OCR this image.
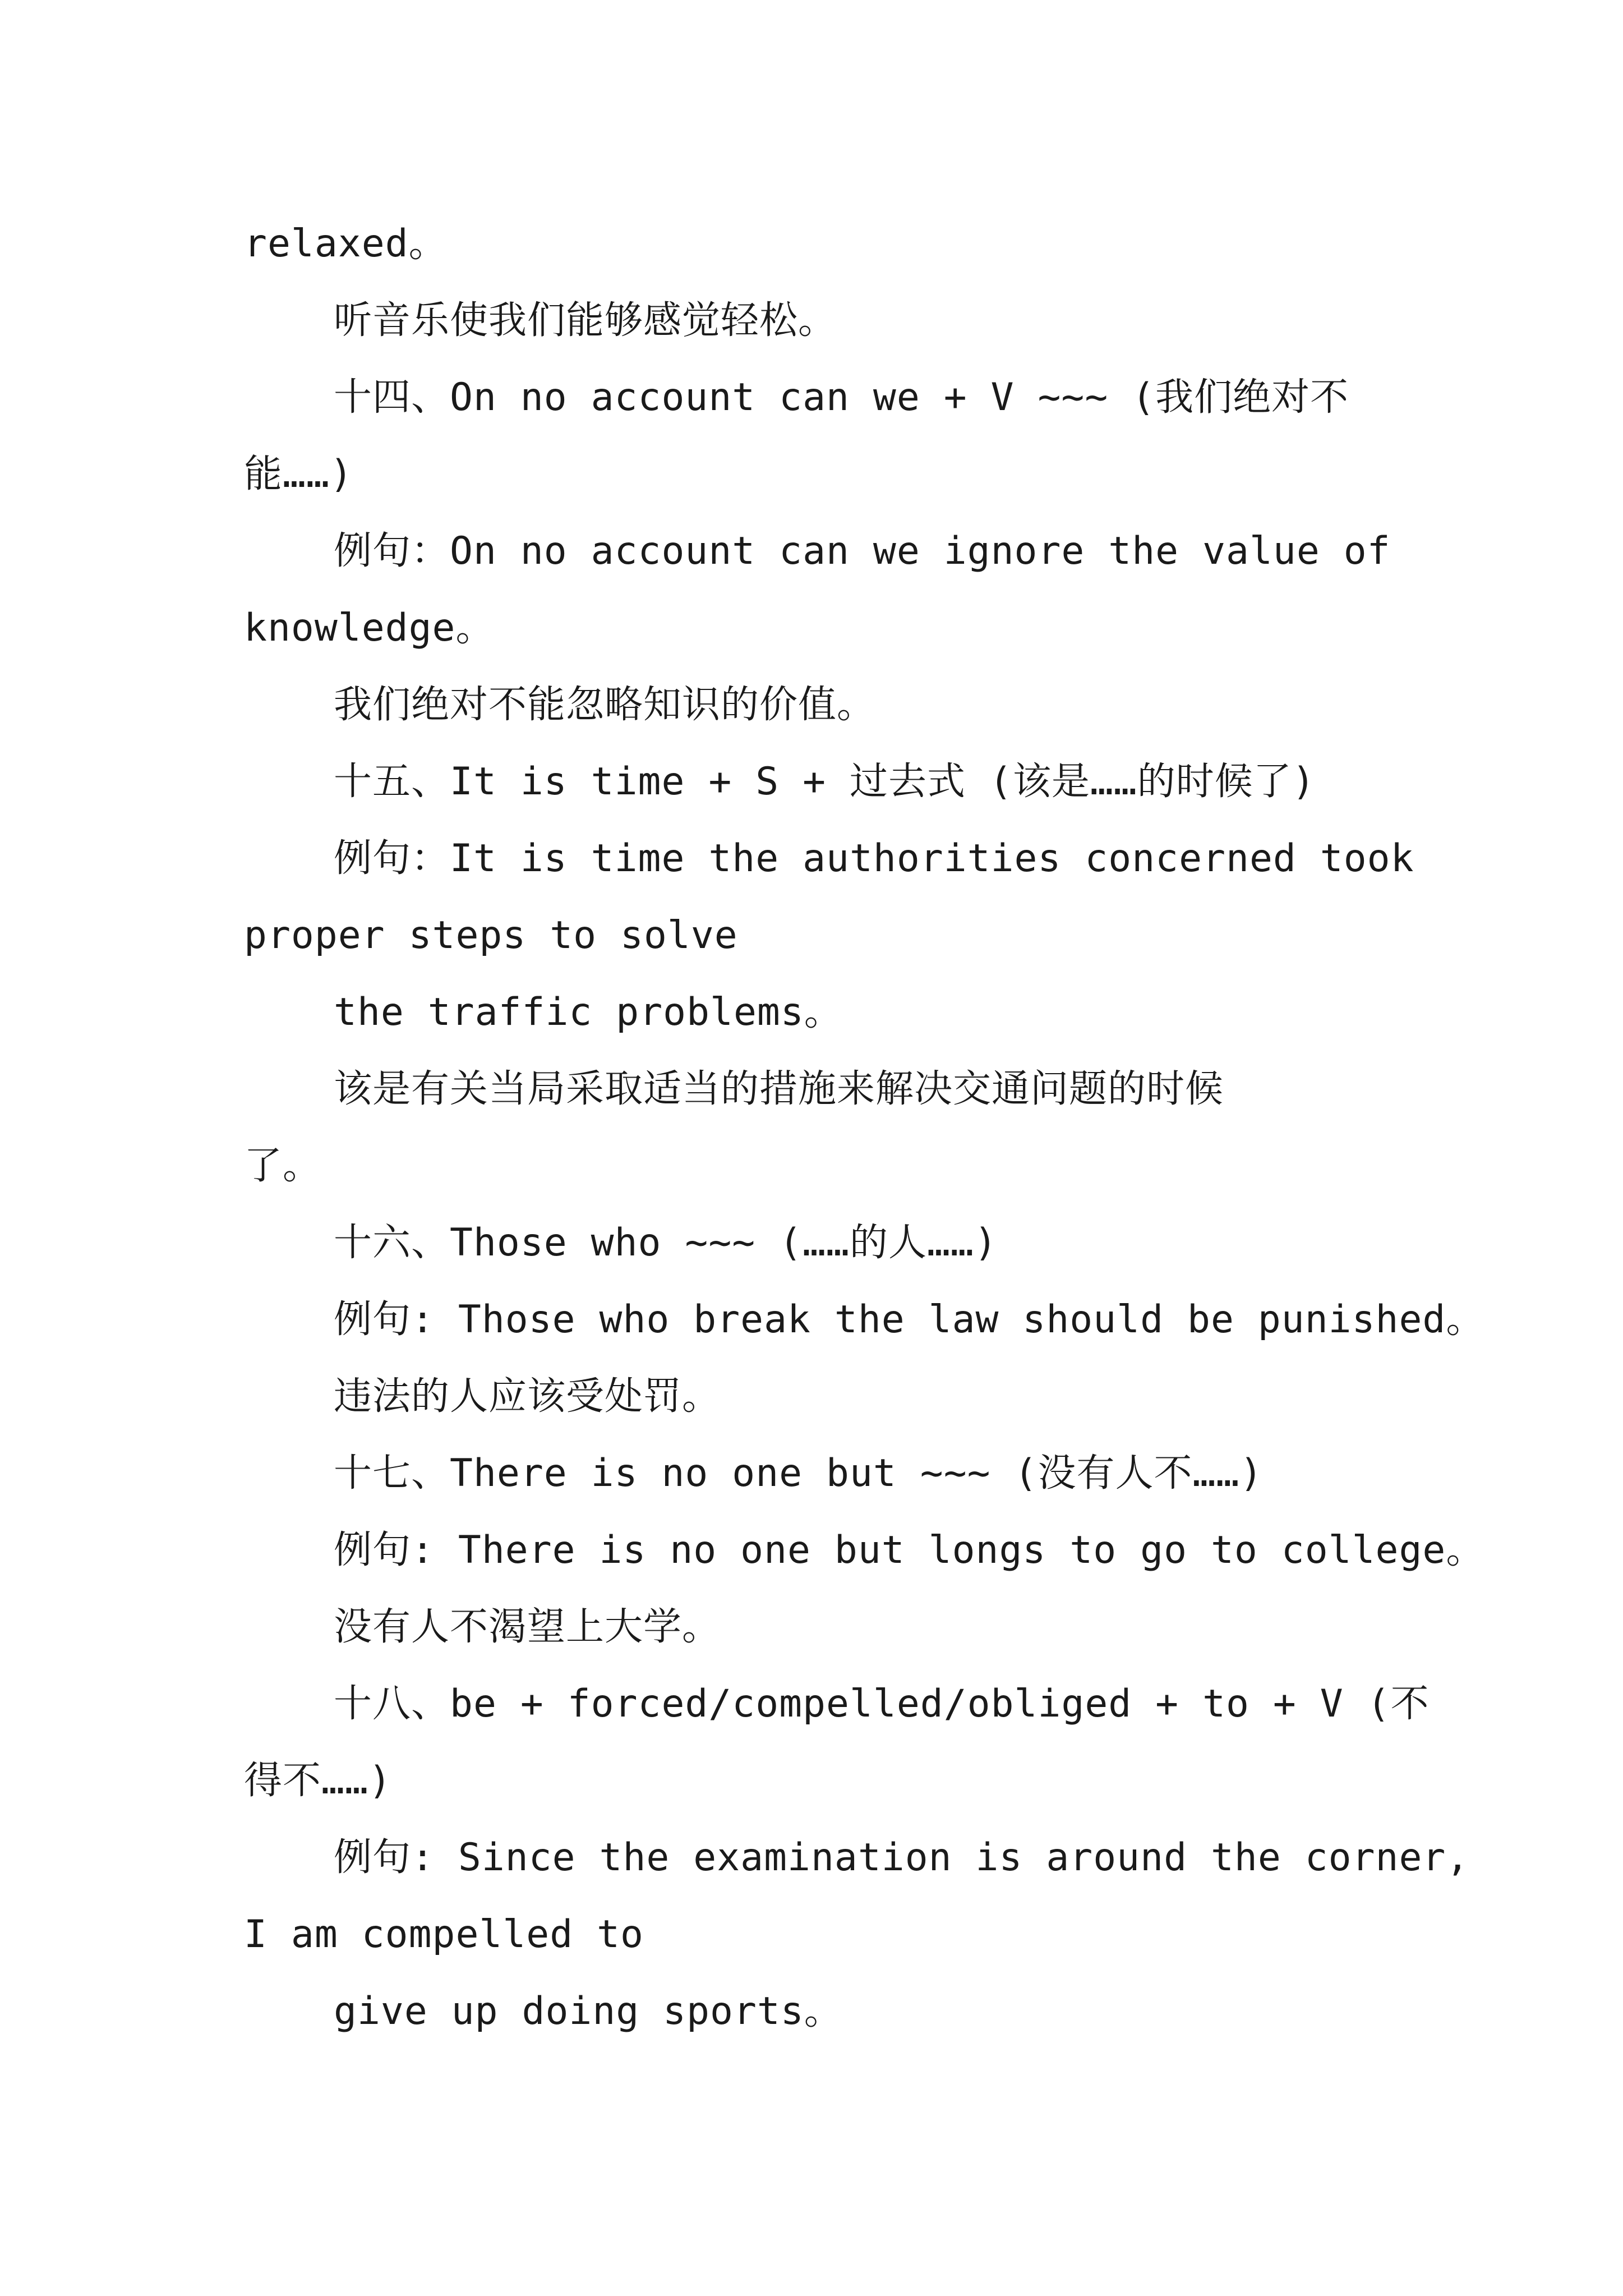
relaxed。
听音乐使我们能够感觉轻松。
十四、On no account can we + V ~~~ (我们绝对不
能……)
例句：On no account can we ignore the value of
knowledge。
我们绝对不能忽略知识的价值。
十五、It is time + S + 过去式 (该是……的时候了)
例句：It is time the authorities concerned took
proper steps to solve
the traffic problems。
该是有关当局采取适当的措施来解决交通问题的时候
了。
十六、Those who ~~~ (……的人……)
例句: Those who break the law should be punished。
违法的人应该受处罚。
十七、There is no one but ~~~ (没有人不……)
例句: There is no one but longs to go to college。
没有人不渴望上大学。
十八、be + forced/compelled/obliged + to + V (不
得不……)
例句: Since the examination is around the corner,
I am compelled to
give up doing sports。
